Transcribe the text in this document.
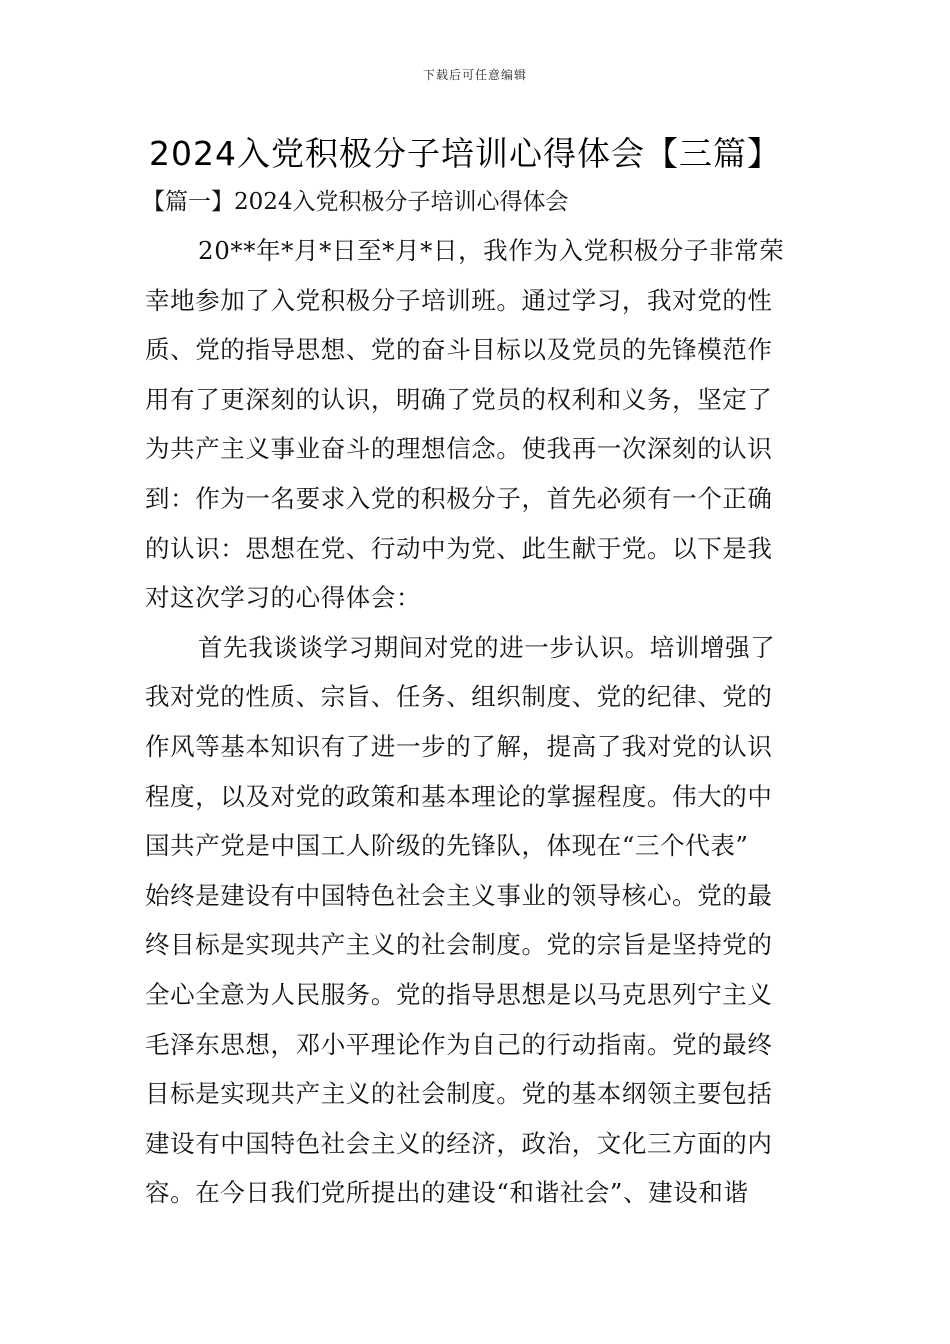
下载后可任意编辑
2024入党积极分子培训心得体会【三篇】
【篇一】2024入党积极分子培训心得体会
20**年*月*日至*月*日，我作为入党积极分子非常荣
幸地参加了入党积极分子培训班。通过学习，我对党的性
质、党的指导思想、党的奋斗目标以及党员的先锋模范作
用有了更深刻的认识，明确了党员的权利和义务，坚定了
为共产主义事业奋斗的理想信念。使我再一次深刻的认识
到：作为一名要求入党的积极分子，首先必须有一个正确
的认识：思想在党、行动中为党、此生献于党。以下是我
对这次学习的心得体会：
首先我谈谈学习期间对党的进一步认识。培训增强了
我对党的性质、宗旨、任务、组织制度、党的纪律、党的
作风等基本知识有了进一步的了解，提高了我对党的认识
程度，以及对党的政策和基本理论的掌握程度。伟大的中
国共产党是中国工人阶级的先锋队，体现在“三个代表”
始终是建设有中国特色社会主义事业的领导核心。党的最
终目标是实现共产主义的社会制度。党的宗旨是坚持党的
全心全意为人民服务。党的指导思想是以马克思列宁主义
毛泽东思想，邓小平理论作为自己的行动指南。党的最终
目标是实现共产主义的社会制度。党的基本纲领主要包括
建设有中国特色社会主义的经济，政治，文化三方面的内
容。在今日我们党所提出的建设“和谐社会”、建设和谐
